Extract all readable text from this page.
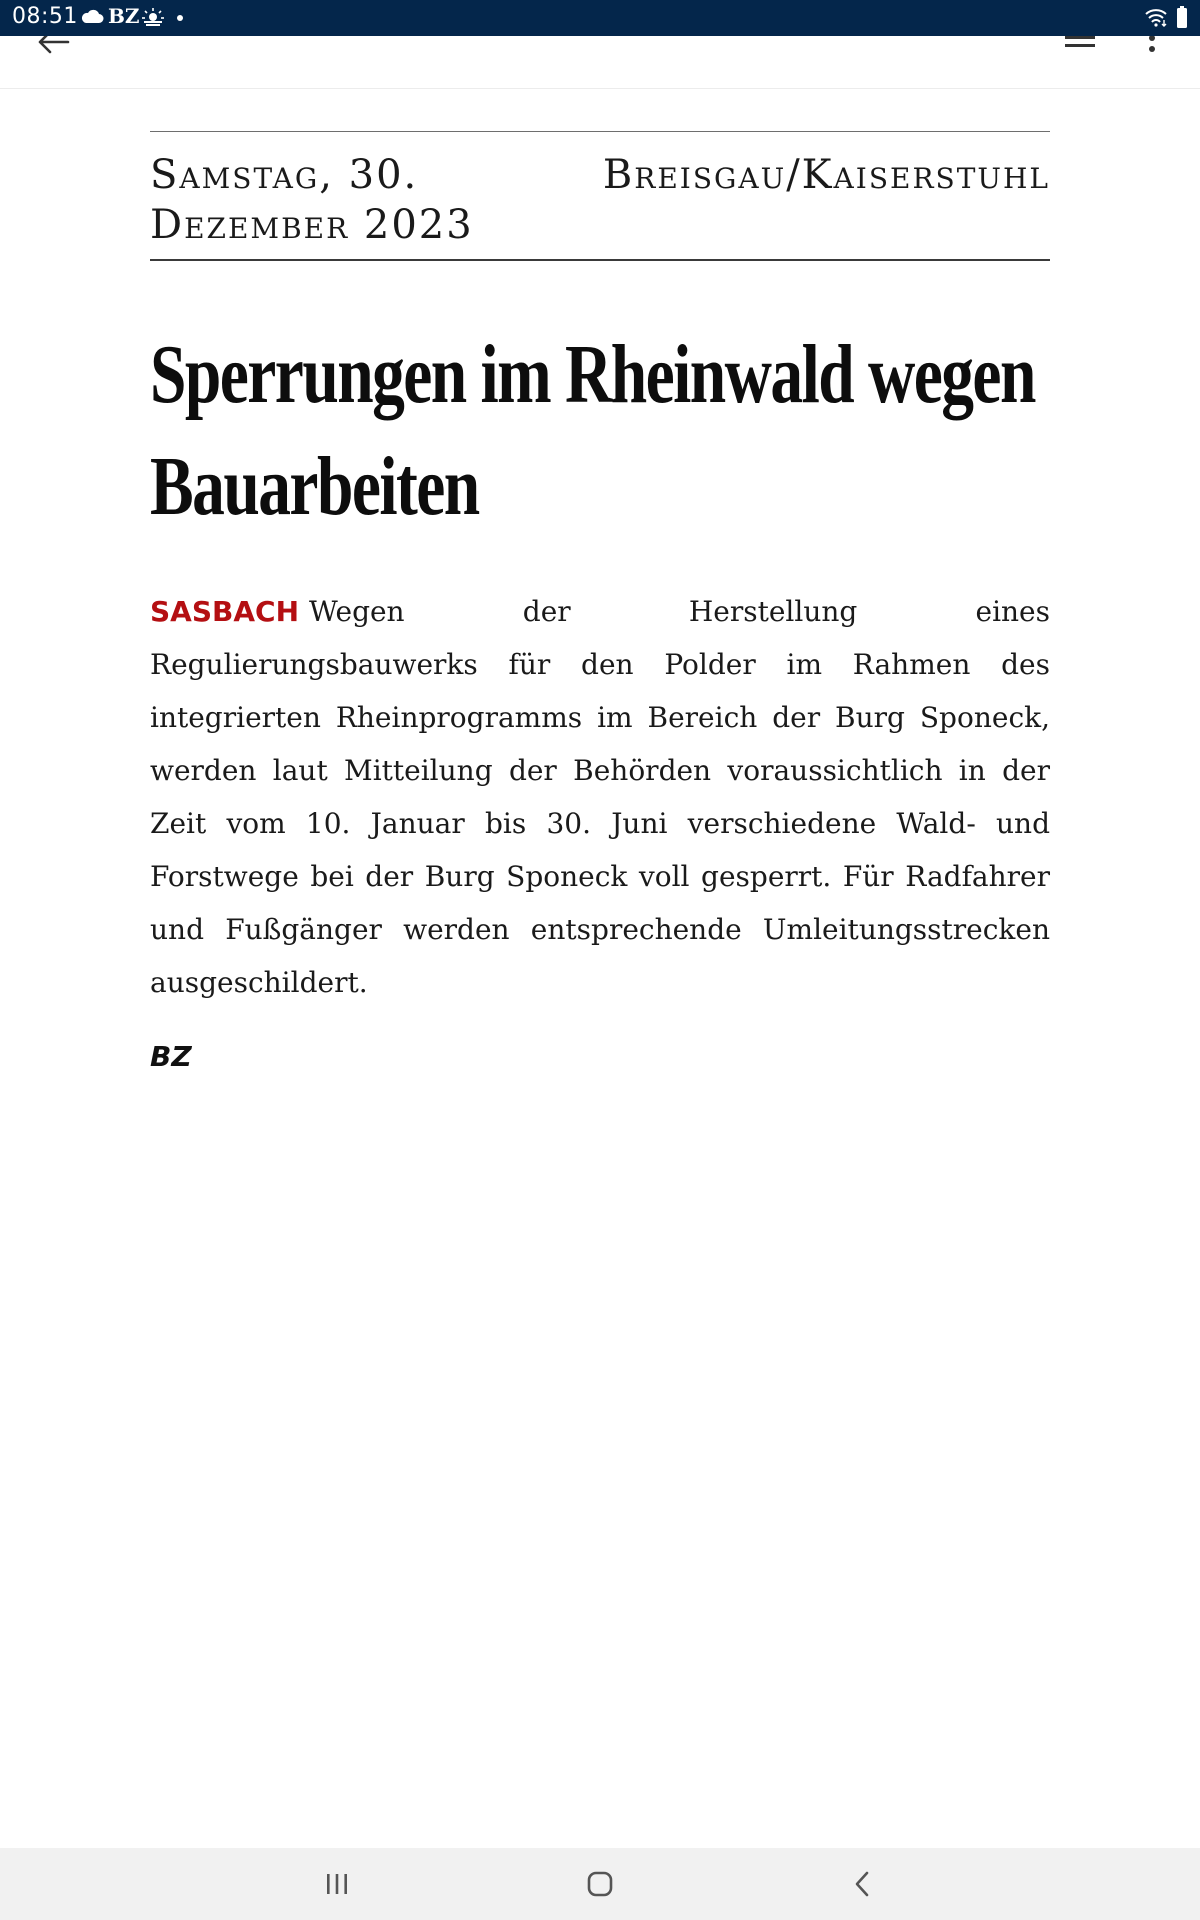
08:51 BZ
Samstag, 30. Dezember 2023
Breisgau/Kaiserstuhl
Sperrungen im Rheinwald wegen Bauarbeiten

SASBACH Wegen der Herstellung eines Regulierungsbauwerks für den Polder im Rahmen des integrierten Rheinprogramms im Bereich der Burg Sponeck, werden laut Mitteilung der Behörden voraussichtlich in der Zeit vom 10. Januar bis 30. Juni verschiedene Wald- und Forstwege bei der Burg Sponeck voll gesperrt. Für Radfahrer und Fußgänger werden entsprechende Umleitungsstrecken ausgeschildert.

BZ
